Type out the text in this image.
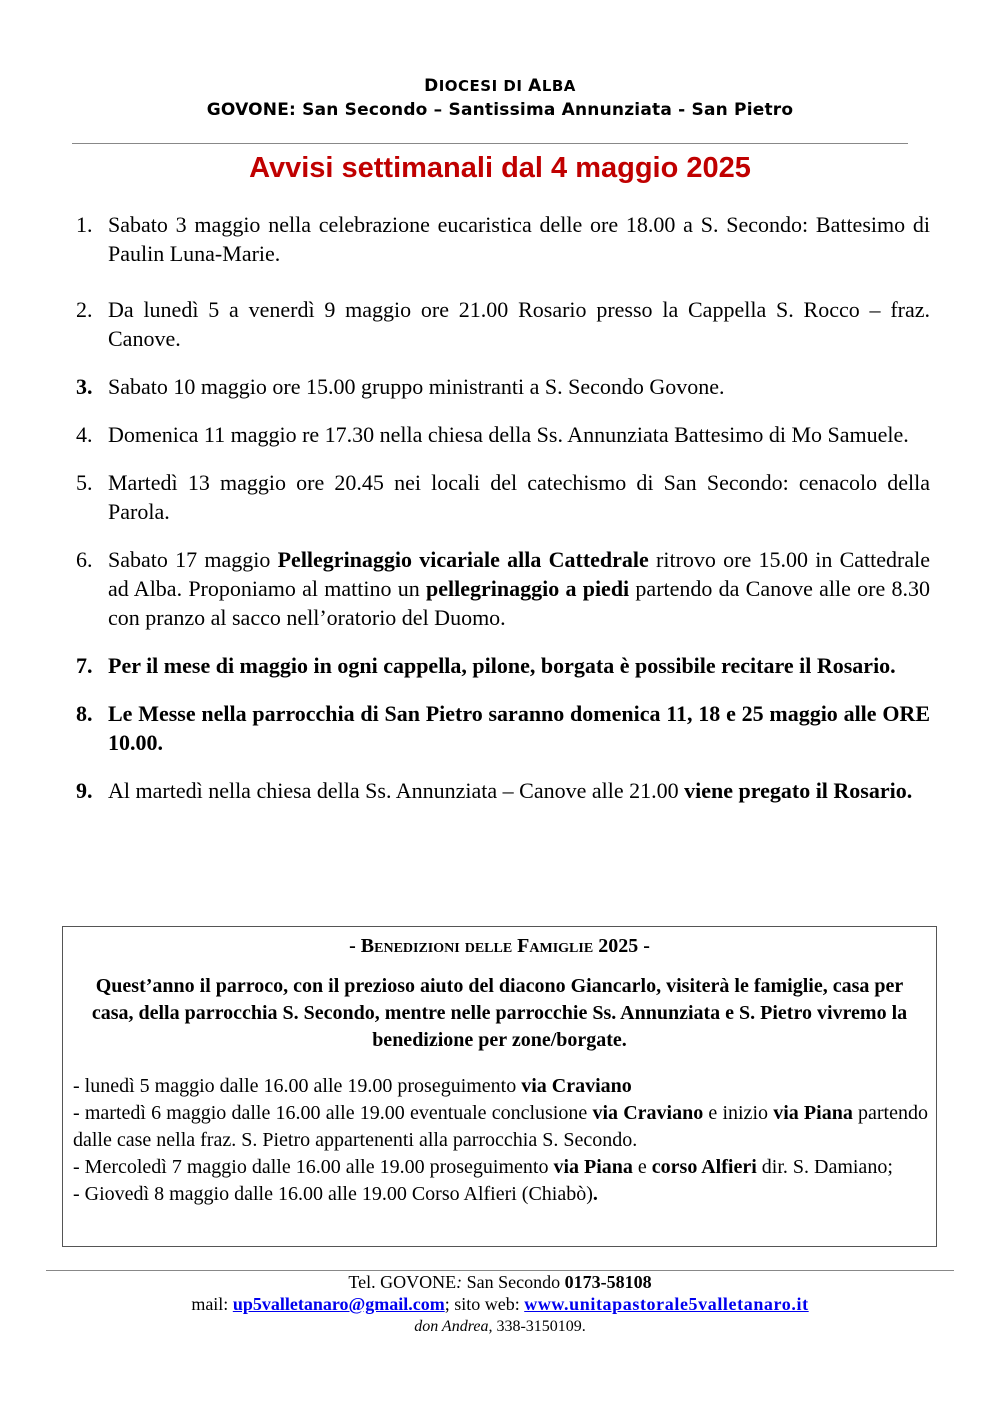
DIOCESI DI ALBA
GOVONE: San Secondo – Santissima Annunziata - San Pietro
Avvisi settimanali dal 4 maggio 2025
1. Sabato 3 maggio nella celebrazione eucaristica delle ore 18.00 a S. Secondo: Battesimo di Paulin Luna-Marie.
2. Da lunedì 5 a venerdì 9 maggio ore 21.00 Rosario presso la Cappella S. Rocco – fraz. Canove.
3. Sabato 10 maggio ore 15.00 gruppo ministranti a S. Secondo Govone.
4. Domenica 11 maggio re 17.30 nella chiesa della Ss. Annunziata Battesimo di Mo Samuele.
5. Martedì 13 maggio ore 20.45 nei locali del catechismo di San Secondo: cenacolo della Parola.
6. Sabato 17 maggio Pellegrinaggio vicariale alla Cattedrale ritrovo ore 15.00 in Cattedrale ad Alba. Proponiamo al mattino un pellegrinaggio a piedi partendo da Canove alle ore 8.30 con pranzo al sacco nell’oratorio del Duomo.
7. Per il mese di maggio in ogni cappella, pilone, borgata è possibile recitare il Rosario.
8. Le Messe nella parrocchia di San Pietro saranno domenica 11, 18 e 25 maggio alle ORE 10.00.
9. Al martedì nella chiesa della Ss. Annunziata – Canove alle 21.00 viene pregato il Rosario.
- Benedizioni delle Famiglie 2025 -
Quest’anno il parroco, con il prezioso aiuto del diacono Giancarlo, visiterà le famiglie, casa per casa, della parrocchia S. Secondo, mentre nelle parrocchie Ss. Annunziata e S. Pietro vivremo la benedizione per zone/borgate.
- lunedì 5 maggio dalle 16.00 alle 19.00 proseguimento via Craviano
- martedì 6 maggio dalle 16.00 alle 19.00 eventuale conclusione via Craviano e inizio via Piana partendo dalle case nella fraz. S. Pietro appartenenti alla parrocchia S. Secondo.
- Mercoledì 7 maggio dalle 16.00 alle 19.00 proseguimento via Piana e corso Alfieri dir. S. Damiano;
- Giovedì 8 maggio dalle 16.00 alle 19.00 Corso Alfieri (Chiabò).
Tel. GOVONE: San Secondo 0173-58108
mail: up5valletanaro@gmail.com; sito web: www.unitapastorale5valletanaro.it
don Andrea, 338-3150109.
